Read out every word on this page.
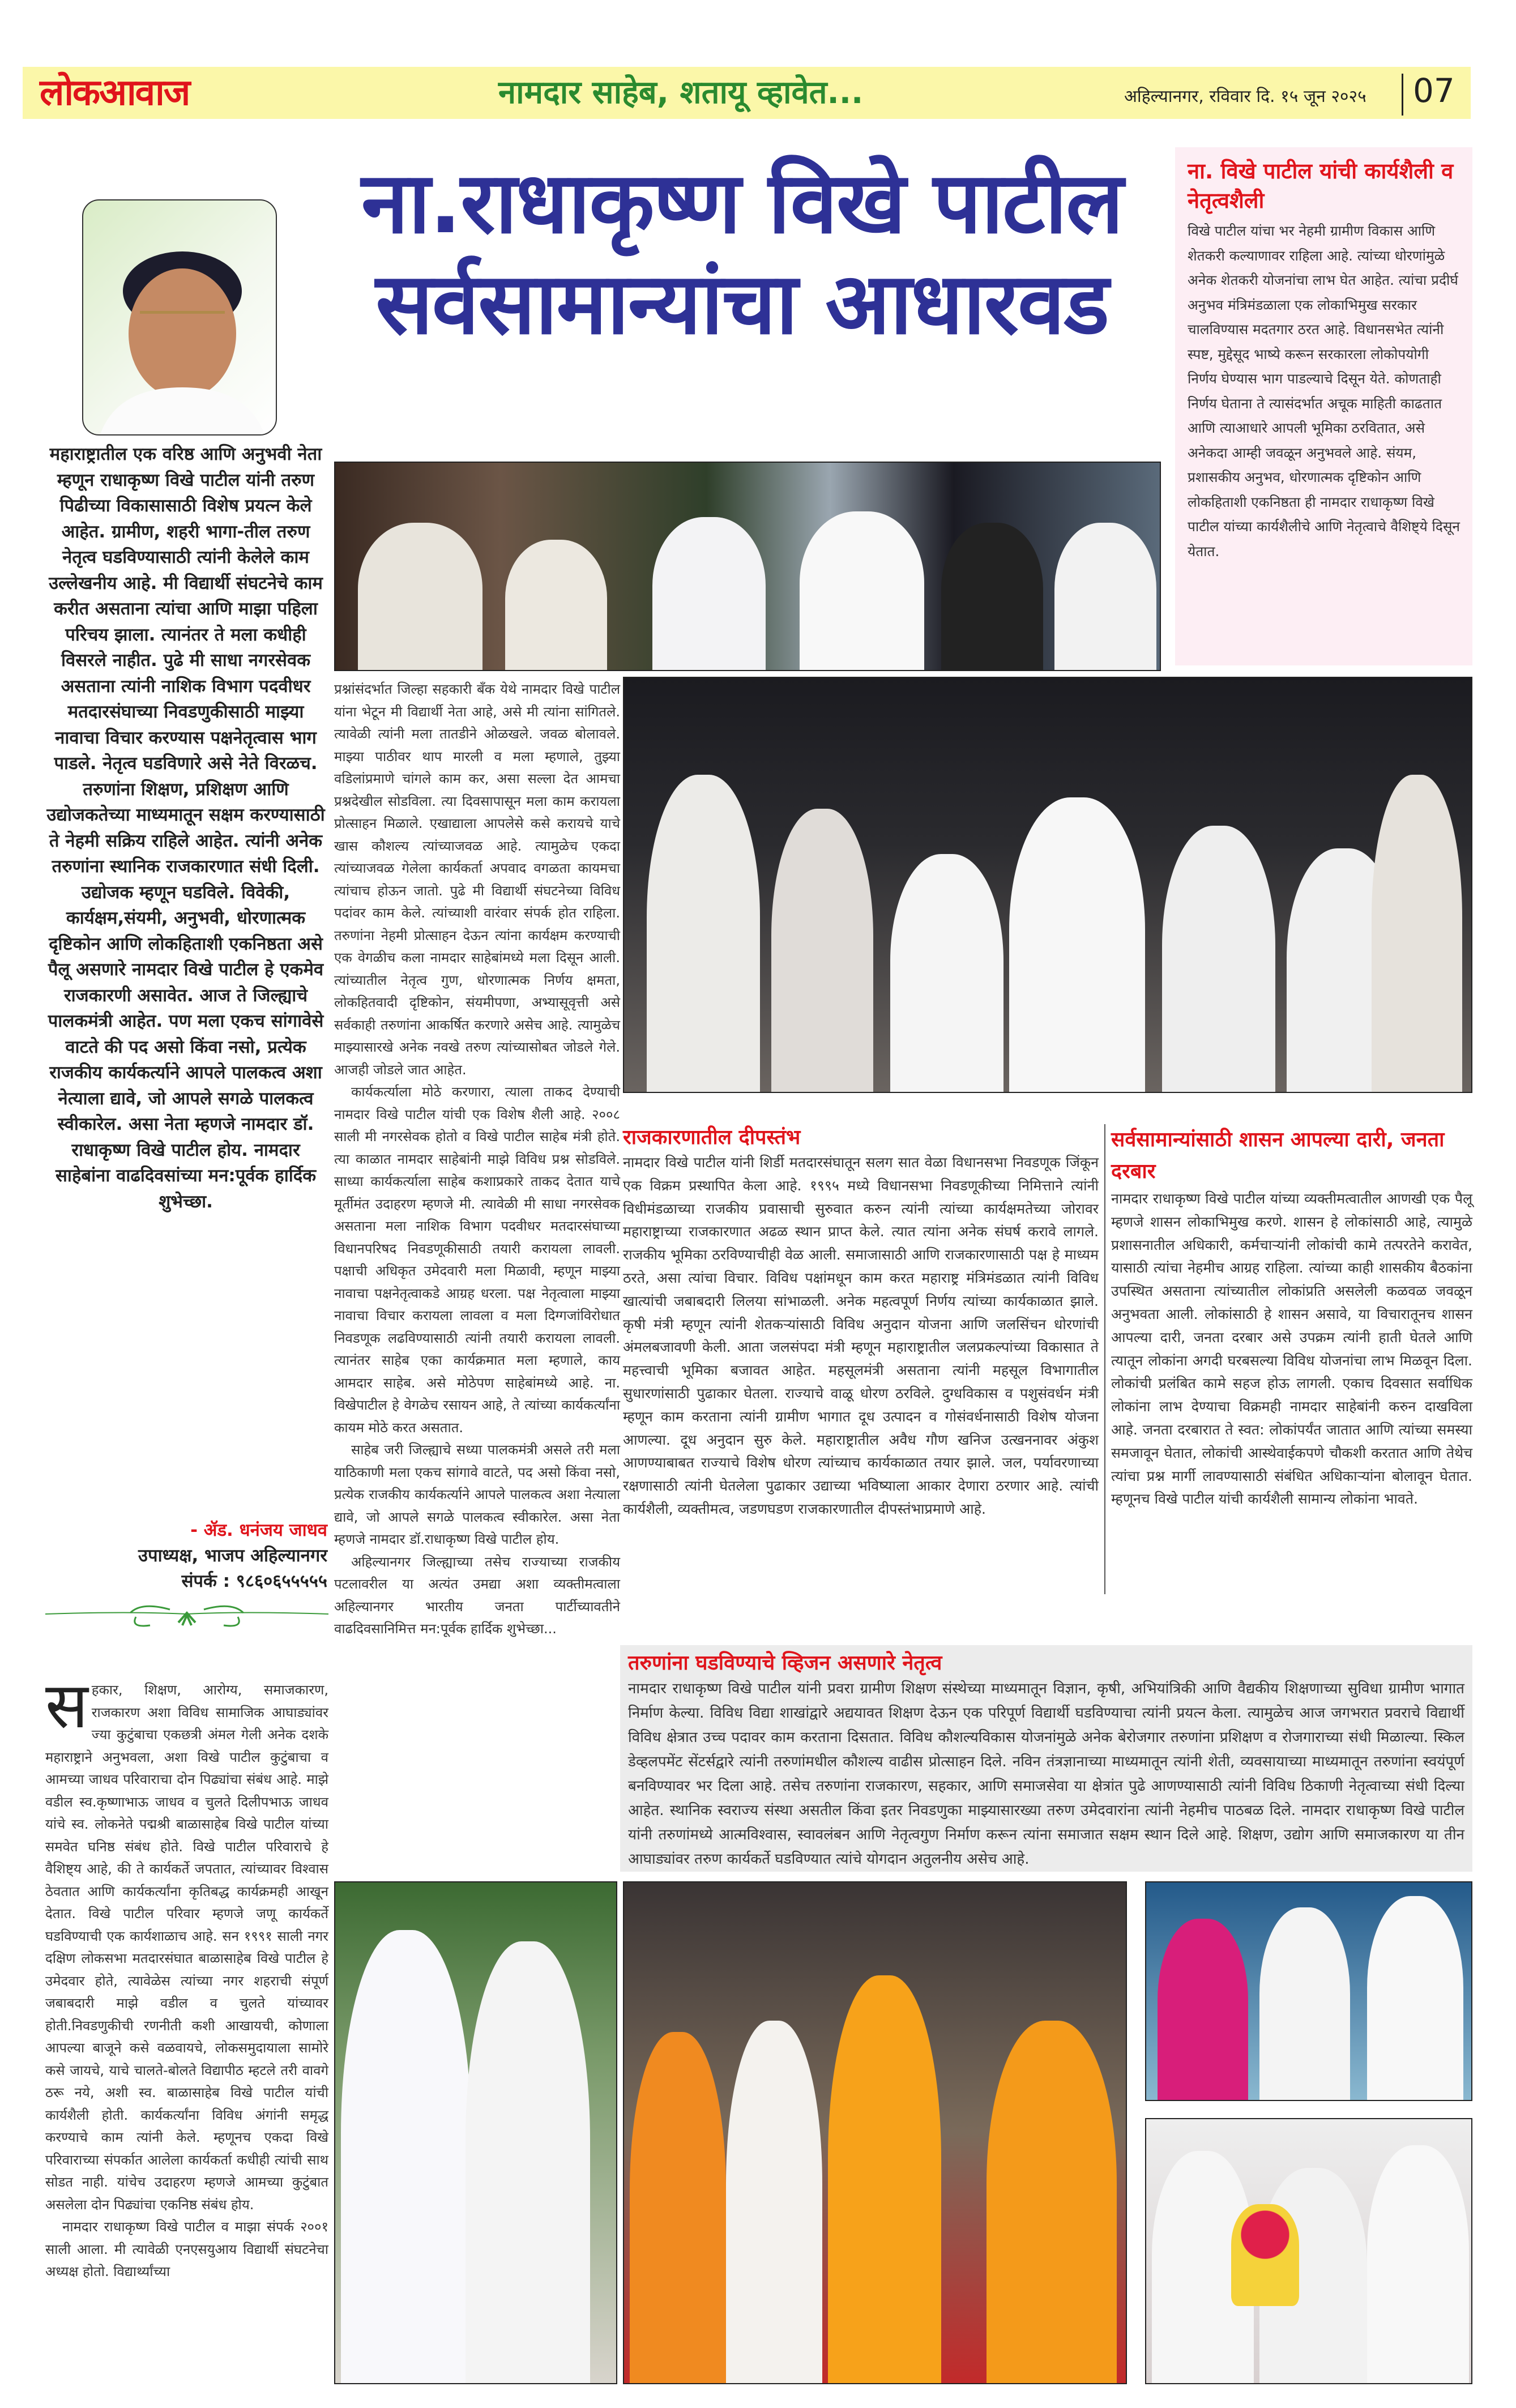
लोकआवाज	नामदार साहेब, शतायू व्हावेत...	अहिल्यानगर, रविवार दि. १५ जून २०२५ 07
ना.राधाकृष्ण विखे पाटील
सर्वसामान्यांचा आधारवड
ना. विखे पाटील यांची कार्यशैली व नेतृत्वशैली

विखे पाटील यांचा भर नेहमी ग्रामीण विकास आणि शेतकरी कल्याणावर राहिला आहे. त्यांच्या धोरणांमुळे अनेक शेतकरी योजनांचा लाभ घेत आहेत. त्यांचा प्रदीर्घ अनुभव मंत्रिमंडळाला एक लोकाभिमुख सरकार चालविण्यास मदतगार ठरत आहे. विधानसभेत त्यांनी स्पष्ट, मुद्देसूद भाष्ये करून सरकारला लोकोपयोगी निर्णय घेण्यास भाग पाडल्याचे दिसून येते. कोणताही निर्णय घेताना ते त्यासंदर्भात अचूक माहिती काढतात आणि त्याआधारे आपली भूमिका ठरवितात, असे अनेकदा आम्ही जवळून अनुभवले आहे. संयम, प्रशासकीय अनुभव, धोरणात्मक दृष्टिकोन आणि लोकहिताशी एकनिष्ठता ही नामदार राधाकृष्ण विखे पाटील यांच्या कार्यशैलीचे आणि नेतृत्वाचे वैशिष्ट्ये दिसून येतात.

महाराष्ट्रातील एक वरिष्ठ आणि अनुभवी नेता म्हणून राधाकृष्ण विखे पाटील यांनी तरुण पिढीच्या विकासासाठी विशेष प्रयत्न केले आहेत. ग्रामीण, शहरी भागा-तील तरुण नेतृत्व घडविण्यासाठी त्यांनी केलेले काम उल्लेखनीय आहे. मी विद्यार्थी संघटनेचे काम करीत असताना त्यांचा आणि माझा पहिला परिचय झाला. त्यानंतर ते मला कधीही विसरले नाहीत. पुढे मी साधा नगरसेवक असताना त्यांनी नाशिक विभाग पदवीधर मतदारसंघाच्या निवडणुकीसाठी माझ्या नावाचा विचार करण्यास पक्षनेतृत्वास भाग पाडले. नेतृत्व घडविणारे असे नेते विरळच. तरुणांना शिक्षण, प्रशिक्षण आणि उद्योजकतेच्या माध्यमातून सक्षम करण्यासाठी ते नेहमी सक्रिय राहिले आहेत. त्यांनी अनेक तरुणांना स्थानिक राजकारणात संधी दिली. उद्योजक म्हणून घडविले. विवेकी, कार्यक्षम,संयमी, अनुभवी, धोरणात्मक दृष्टिकोन आणि लोकहिताशी एकनिष्ठता असे पैलू असणारे नामदार विखे पाटील हे एकमेव राजकारणी असावेत. आज ते जिल्ह्याचे पालकमंत्री आहेत. पण मला एकच सांगावेसे वाटते की पद असो किंवा नसो, प्रत्येक राजकीय कार्यकर्त्याने आपले पालकत्व अशा नेत्याला द्यावे, जो आपले सगळे पालकत्व स्वीकारेल. असा नेता म्हणजे नामदार डॉ. राधाकृष्ण विखे पाटील होय. नामदार साहेबांना वाढदिवसांच्या मन:पूर्वक हार्दिक शुभेच्छा.

- ॲड. धनंजय जाधव
उपाध्यक्ष, भाजप अहिल्यानगर
संपर्क : ९८६०६५५५५५

सहकार, शिक्षण, आरोग्य, समाजकारण, राजकारण अशा विविध सामाजिक आघाड्यांवर ज्या कुटुंबाचा एकछत्री अंमल गेली अनेक दशके महाराष्ट्राने अनुभवला, अशा विखे पाटील कुटुंबाचा व आमच्या जाधव परिवाराचा दोन पिढ्यांचा संबंध आहे. माझे वडील स्व.कृष्णाभाऊ जाधव व चुलते दिलीपभाऊ जाधव यांचे स्व. लोकनेते पद्मश्री बाळासाहेब विखे पाटील यांच्या समवेत घनिष्ठ संबंध होते. विखे पाटील परिवाराचे हे वैशिष्ट्य आहे, की ते कार्यकर्ते जपतात, त्यांच्यावर विश्वास ठेवतात आणि कार्यकर्त्यांना कृतिबद्ध कार्यक्रमही आखून देतात. विखे पाटील परिवार म्हणजे जणू कार्यकर्ते घडविण्याची एक कार्यशाळाच आहे. सन १९९१ साली नगर दक्षिण लोकसभा मतदारसंघात बाळासाहेब विखे पाटील हे उमेदवार होते, त्यावेळेस त्यांच्या नगर शहराची संपूर्ण जबाबदारी माझे वडील व चुलते यांच्यावर होती.निवडणुकीची रणनीती कशी आखायची, कोणाला आपल्या बाजूने कसे वळवायचे, लोकसमुदायाला सामोरे कसे जायचे, याचे चालते-बोलते विद्यापीठ म्हटले तरी वावगे ठरू नये, अशी स्व. बाळासाहेब विखे पाटील यांची कार्यशैली होती. कार्यकर्त्यांना विविध अंगांनी समृद्ध करण्याचे काम त्यांनी केले. म्हणूनच एकदा विखे परिवाराच्या संपर्कात आलेला कार्यकर्ता कधीही त्यांची साथ सोडत नाही. यांचेच उदाहरण म्हणजे आमच्या कुटुंबात असलेला दोन पिढ्यांचा एकनिष्ठ संबंध होय.

नामदार राधाकृष्ण विखे पाटील व माझा संपर्क २००१ साली आला. मी त्यावेळी एनएसयुआय विद्यार्थी संघटनेचा अध्यक्ष होतो. विद्यार्थ्यांच्या

प्रश्नांसंदर्भात जिल्हा सहकारी बँक येथे नामदार विखे पाटील यांना भेटून मी विद्यार्थी नेता आहे, असे मी त्यांना सांगितले. त्यावेळी त्यांनी मला तातडीने ओळखले. जवळ बोलावले. माझ्या पाठीवर थाप मारली व मला म्हणाले, तुझ्या वडिलांप्रमाणे चांगले काम कर, असा सल्ला देत आमचा प्रश्नदेखील सोडविला. त्या दिवसापासून मला काम करायला प्रोत्साहन मिळाले. एखाद्याला आपलेसे कसे करायचे याचे खास कौशल्य त्यांच्याजवळ आहे. त्यामुळेच एकदा त्यांच्याजवळ गेलेला कार्यकर्ता अपवाद वगळता कायमचा त्यांचाच होऊन जातो. पुढे मी विद्यार्थी संघटनेच्या विविध पदांवर काम केले. त्यांच्याशी वारंवार संपर्क होत राहिला. तरुणांना नेहमी प्रोत्साहन देऊन त्यांना कार्यक्षम करण्याची एक वेगळीच कला नामदार साहेबांमध्ये मला दिसून आली. त्यांच्यातील नेतृत्व गुण, धोरणात्मक निर्णय क्षमता, लोकहितवादी दृष्टिकोन, संयमीपणा, अभ्यासूवृत्ती असे सर्वकाही तरुणांना आकर्षित करणारे असेच आहे. त्यामुळेच माझ्यासारखे अनेक नवखे तरुण त्यांच्यासोबत जोडले गेले. आजही जोडले जात आहेत.

कार्यकर्त्याला मोठे करणारा, त्याला ताकद देण्याची नामदार विखे पाटील यांची एक विशेष शैली आहे. २००८ साली मी नगरसेवक होतो व विखे पाटील साहेब मंत्री होते. त्या काळात नामदार साहेबांनी माझे विविध प्रश्न सोडविले. साध्या कार्यकर्त्याला साहेब कशाप्रकारे ताकद देतात याचे मूर्तीमंत उदाहरण म्हणजे मी. त्यावेळी मी साधा नगरसेवक असताना मला नाशिक विभाग पदवीधर मतदारसंघाच्या विधानपरिषद निवडणूकीसाठी तयारी करायला लावली. पक्षाची अधिकृत उमेदवारी मला मिळावी, म्हणून माझ्या नावाचा पक्षनेतृत्वाकडे आग्रह धरला. पक्ष नेतृत्वाला माझ्या नावाचा विचार करायला लावला व मला दिग्गजांविरोधात निवडणूक लढविण्यासाठी त्यांनी तयारी करायला लावली. त्यानंतर साहेब एका कार्यक्रमात मला म्हणाले, काय आमदार साहेब. असे मोठेपण साहेबांमध्ये आहे. ना. विखेपाटील हे वेगळेच रसायन आहे, ते त्यांच्या कार्यकर्त्यांना कायम मोठे करत असतात.

साहेब जरी जिल्ह्याचे सध्या पालकमंत्री असले तरी मला याठिकाणी मला एकच सांगावे वाटते, पद असो किंवा नसो, प्रत्येक राजकीय कार्यकर्त्याने आपले पालकत्व अशा नेत्याला द्यावे, जो आपले सगळे पालकत्व स्वीकारेल. असा नेता म्हणजे नामदार डॉ.राधाकृष्ण विखे पाटील होय.

अहिल्यानगर जिल्ह्याच्या तसेच राज्याच्या राजकीय पटलावरील या अत्यंत उमद्या अशा व्यक्तीमत्वाला अहिल्यानगर भारतीय जनता पार्टीच्यावतीने वाढदिवसानिमित्त मन:पूर्वक हार्दिक शुभेच्छा...

राजकारणातील दीपस्तंभ

नामदार विखे पाटील यांनी शिर्डी मतदारसंघातून सलग सात वेळा विधानसभा निवडणूक जिंकून एक विक्रम प्रस्थापित केला आहे. १९९५ मध्ये विधानसभा निवडणूकीच्या निमित्ताने त्यांनी विधीमंडळाच्या राजकीय प्रवासाची सुरुवात करुन त्यांनी त्यांच्या कार्यक्षमतेच्या जोरावर महाराष्ट्राच्या राजकारणात अढळ स्थान प्राप्त केले. त्यात त्यांना अनेक संघर्ष करावे लागले. राजकीय भूमिका ठरविण्याचीही वेळ आली. समाजासाठी आणि राजकारणासाठी पक्ष हे माध्यम ठरते, असा त्यांचा विचार. विविध पक्षांमधून काम करत महाराष्ट्र मंत्रिमंडळात त्यांनी विविध खात्यांची जबाबदारी लिलया सांभाळली. अनेक महत्वपूर्ण निर्णय त्यांच्या कार्यकाळात झाले. कृषी मंत्री म्हणून त्यांनी शेतकऱ्यांसाठी विविध अनुदान योजना आणि जलसिंचन धोरणांची अंमलबजावणी केली. आता जलसंपदा मंत्री म्हणून महाराष्ट्रातील जलप्रकल्पांच्या विकासात ते महत्त्वाची भूमिका बजावत आहेत. महसूलमंत्री असताना त्यांनी महसूल विभागातील सुधारणांसाठी पुढाकार घेतला. राज्याचे वाळू धोरण ठरविले. दुग्धविकास व पशुसंवर्धन मंत्री म्हणून काम करताना त्यांनी ग्रामीण भागात दूध उत्पादन व गोसंवर्धनासाठी विशेष योजना आणल्या. दूध अनुदान सुरु केले. महाराष्ट्रातील अवैध गौण खनिज उत्खननावर अंकुश आणण्याबाबत राज्याचे विशेष धोरण त्यांच्याच कार्यकाळात तयार झाले. जल, पर्यावरणाच्या रक्षणासाठी त्यांनी घेतलेला पुढाकार उद्याच्या भविष्याला आकार देणारा ठरणार आहे. त्यांची कार्यशैली, व्यक्तीमत्व, जडणघडण राजकारणातील दीपस्तंभाप्रमाणे आहे.

सर्वसामान्यांसाठी शासन आपल्या दारी, जनता दरबार

नामदार राधाकृष्ण विखे पाटील यांच्या व्यक्तीमत्वातील आणखी एक पैलू म्हणजे शासन लोकाभिमुख करणे. शासन हे लोकांसाठी आहे, त्यामुळे प्रशासनातील अधिकारी, कर्मचाऱ्यांनी लोकांची कामे तत्परतेने करावेत, यासाठी त्यांचा नेहमीच आग्रह राहिला. त्यांच्या काही शासकीय बैठकांना उपस्थित असताना त्यांच्यातील लोकांप्रति असलेली कळवळ जवळून अनुभवता आली. लोकांसाठी हे शासन असावे, या विचारातूनच शासन आपल्या दारी, जनता दरबार असे उपक्रम त्यांनी हाती घेतले आणि त्यातून लोकांना अगदी घरबसल्या विविध योजनांचा लाभ मिळवून दिला. लोकांची प्रलंबित कामे सहज होऊ लागली. एकाच दिवसात सर्वाधिक लोकांना लाभ देण्याचा विक्रमही नामदार साहेबांनी करुन दाखविला आहे. जनता दरबारात ते स्वत: लोकांपर्यंत जातात आणि त्यांच्या समस्या समजावून घेतात, लोकांची आस्थेवाईकपणे चौकशी करतात आणि तेथेच त्यांचा प्रश्न मार्गी लावण्यासाठी संबंधित अधिकाऱ्यांना बोलावून घेतात. म्हणूनच विखे पाटील यांची कार्यशैली सामान्य लोकांना भावते.

तरुणांना घडविण्याचे व्हिजन असणारे नेतृत्व

नामदार राधाकृष्ण विखे पाटील यांनी प्रवरा ग्रामीण शिक्षण संस्थेच्या माध्यमातून विज्ञान, कृषी, अभियांत्रिकी आणि वैद्यकीय शिक्षणाच्या सुविधा ग्रामीण भागात निर्माण केल्या. विविध विद्या शाखांद्वारे अद्ययावत शिक्षण देऊन एक परिपूर्ण विद्यार्थी घडविण्याचा त्यांनी प्रयत्न केला. त्यामुळेच आज जगभरात प्रवराचे विद्यार्थी विविध क्षेत्रात उच्च पदावर काम करताना दिसतात. विविध कौशल्यविकास योजनांमुळे अनेक बेरोजगार तरुणांना प्रशिक्षण व रोजगाराच्या संधी मिळाल्या. स्किल डेव्हलपमेंट सेंटर्सद्वारे त्यांनी तरुणांमधील कौशल्य वाढीस प्रोत्साहन दिले. नविन तंत्रज्ञानाच्या माध्यमातून त्यांनी शेती, व्यवसायाच्या माध्यमातून तरुणांना स्वयंपूर्ण बनविण्यावर भर दिला आहे. तसेच तरुणांना राजकारण, सहकार, आणि समाजसेवा या क्षेत्रांत पुढे आणण्यासाठी त्यांनी विविध ठिकाणी नेतृत्वाच्या संधी दिल्या आहेत. स्थानिक स्वराज्य संस्था असतील किंवा इतर निवडणुका माझ्यासारख्या तरुण उमेदवारांना त्यांनी नेहमीच पाठबळ दिले. नामदार राधाकृष्ण विखे पाटील यांनी तरुणांमध्ये आत्मविश्वास, स्वावलंबन आणि नेतृत्वगुण निर्माण करून त्यांना समाजात सक्षम स्थान दिले आहे. शिक्षण, उद्योग आणि समाजकारण या तीन आघाड्यांवर तरुण कार्यकर्ते घडविण्यात त्यांचे योगदान अतुलनीय असेच आहे.
